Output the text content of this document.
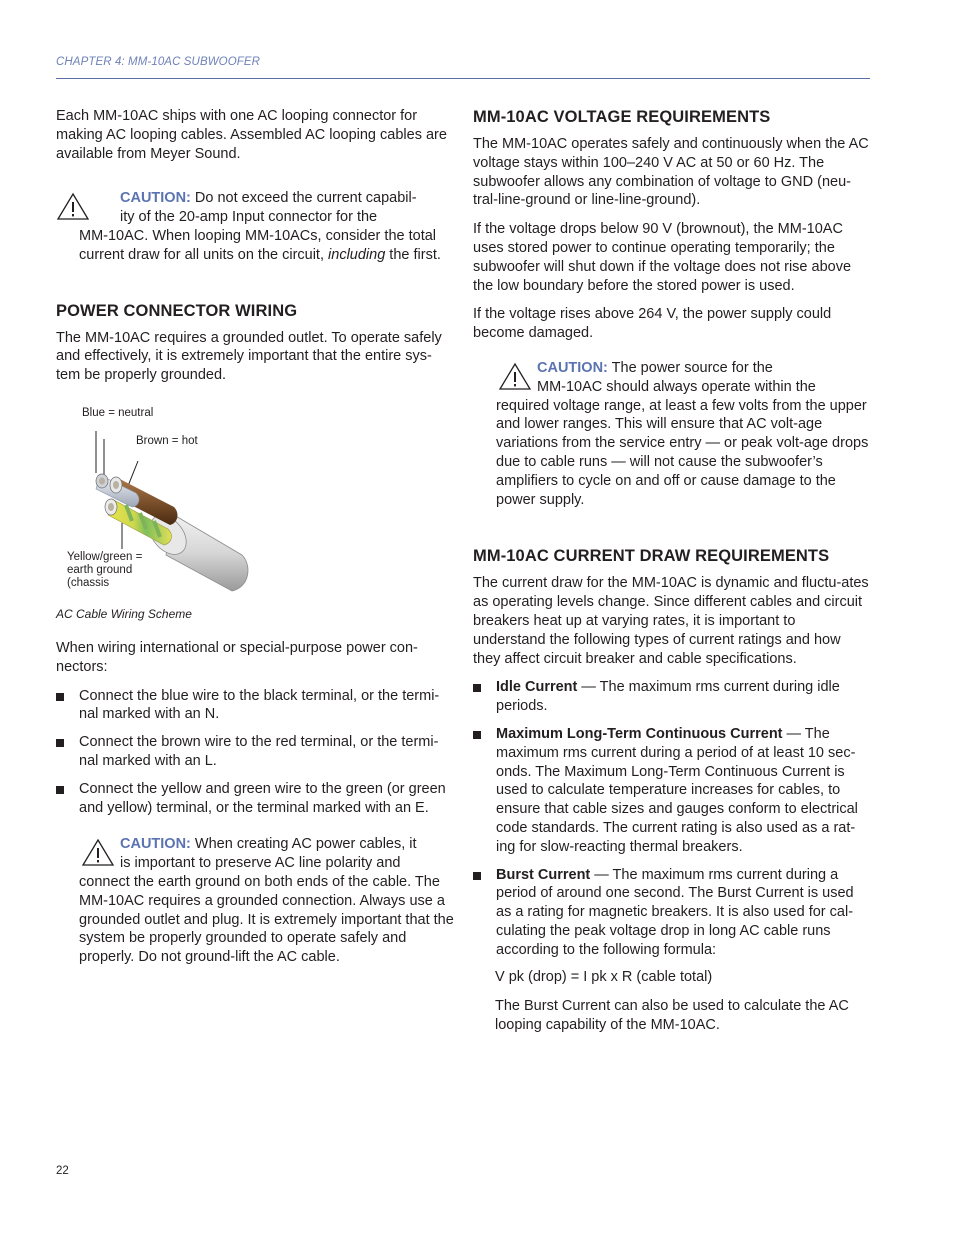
CHAPTER 4: MM-10AC SUBWOOFER

Each MM-10AC ships with one AC looping connector for making AC looping cables. Assembled AC looping cables are available from Meyer Sound.

CAUTION: Do not exceed the current capabil-
ity of the 20-amp Input connector for the
MM-10AC. When looping MM-10ACs, consider the total current draw for all units on the circuit, including the first.
POWER CONNECTOR WIRING

The MM-10AC requires a grounded outlet. To operate safely and effectively, it is extremely important that the entire sys-tem be properly grounded.

Blue = neutral
Brown = hot
Yellow/green =
earth ground
(chassis
AC Cable Wiring Scheme

When wiring international or special-purpose power con-nectors:

Connect the blue wire to the black terminal, or the termi-nal marked with an N.
Connect the brown wire to the red terminal, or the termi-nal marked with an L.
Connect the yellow and green wire to the green (or green and yellow) terminal, or the terminal marked with an E.
CAUTION: When creating AC power cables, it
is important to preserve AC line polarity and
connect the earth ground on both ends of the cable. The MM-10AC requires a grounded connection. Always use a grounded outlet and plug. It is extremely important that the system be properly grounded to operate safely and properly. Do not ground-lift the AC cable.
MM-10AC VOLTAGE REQUIREMENTS

The MM-10AC operates safely and continuously when the AC voltage stays within 100–240 V AC at 50 or 60 Hz. The subwoofer allows any combination of voltage to GND (neu-tral-line-ground or line-line-ground).

If the voltage drops below 90 V (brownout), the MM-10AC uses stored power to continue operating temporarily; the subwoofer will shut down if the voltage does not rise above the low boundary before the stored power is used.

If the voltage rises above 264 V, the power supply could become damaged.

CAUTION: The power source for the
MM-10AC should always operate within the
required voltage range, at least a few volts from the upper and lower ranges. This will ensure that AC volt-age variations from the service entry — or peak volt-age drops due to cable runs — will not cause the subwoofer’s amplifiers to cycle on and off or cause damage to the power supply.
MM-10AC CURRENT DRAW REQUIREMENTS

The current draw for the MM-10AC is dynamic and fluctu-ates as operating levels change. Since different cables and circuit breakers heat up at varying rates, it is important to understand the following types of current ratings and how they affect circuit breaker and cable specifications.

Idle Current — The maximum rms current during idle periods.
Maximum Long-Term Continuous Current — The maximum rms current during a period of at least 10 sec-onds. The Maximum Long-Term Continuous Current is used to calculate temperature increases for cables, to ensure that cable sizes and gauges conform to electrical code standards. The current rating is also used as a rat-ing for slow-reacting thermal breakers.
Burst Current — The maximum rms current during a period of around one second. The Burst Current is used as a rating for magnetic breakers. It is also used for cal-culating the peak voltage drop in long AC cable runs according to the following formula:

V pk (drop) = I pk x R (cable total)

The Burst Current can also be used to calculate the AC looping capability of the MM-10AC.

22
